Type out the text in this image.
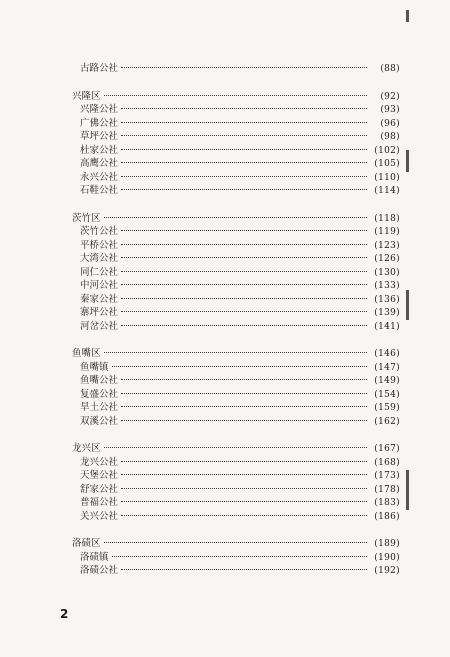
古路公社	(88)
兴隆区	(92)
兴隆公社	(93)
广佛公社	(96)
草坪公社	(98)
杜家公社	(102)
高鹰公社	(105)
永兴公社	(110)
石鞋公社	(114)
茨竹区	(118)
茨竹公社	(119)
平桥公社	(123)
大湾公社	(126)
同仁公社	(130)
中河公社	(133)
秦家公社	(136)
寨坪公社	(139)
河岔公社	(141)
鱼嘴区	(146)
鱼嘴镇	(147)
鱼嘴公社	(149)
复盛公社	(154)
旱土公社	(159)
双溪公社	(162)
龙兴区	(167)
龙兴公社	(168)
天堡公社	(173)
舒家公社	(178)
普福公社	(183)
关兴公社	(186)
洛碛区	(189)
洛碛镇	(190)
洛碛公社	(192)
2
